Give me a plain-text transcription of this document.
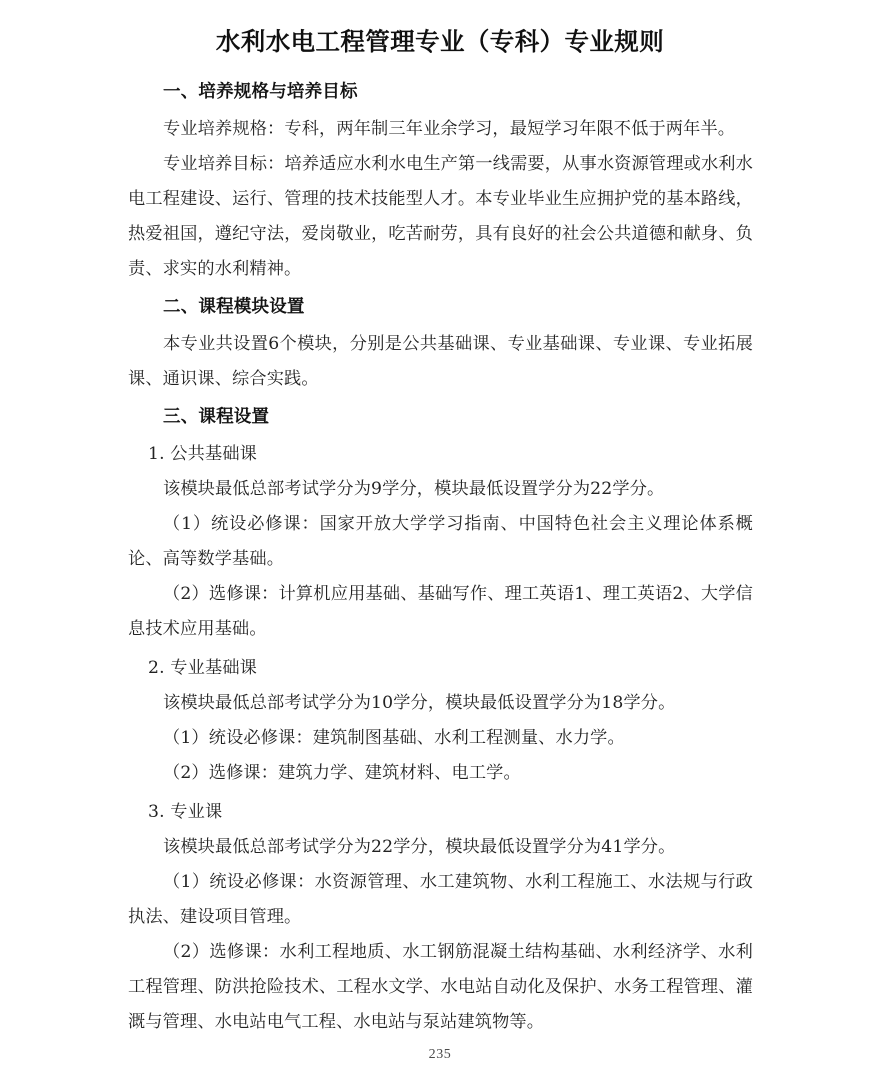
水利水电工程管理专业（专科）专业规则
一、培养规格与培养目标

专业培养规格：专科，两年制三年业余学习，最短学习年限不低于两年半。

专业培养目标：培养适应水利水电生产第一线需要，从事水资源管理或水利水电工程建设、运行、管理的技术技能型人才。本专业毕业生应拥护党的基本路线，热爱祖国，遵纪守法，爱岗敬业，吃苦耐劳，具有良好的社会公共道德和献身、负责、求实的水利精神。

二、课程模块设置

本专业共设置6个模块，分别是公共基础课、专业基础课、专业课、专业拓展课、通识课、综合实践。

三、课程设置

1. 公共基础课

该模块最低总部考试学分为9学分，模块最低设置学分为22学分。

（1）统设必修课：国家开放大学学习指南、中国特色社会主义理论体系概论、高等数学基础。

（2）选修课：计算机应用基础、基础写作、理工英语1、理工英语2、大学信息技术应用基础。

2. 专业基础课

该模块最低总部考试学分为10学分，模块最低设置学分为18学分。

（1）统设必修课：建筑制图基础、水利工程测量、水力学。

（2）选修课：建筑力学、建筑材料、电工学。

3. 专业课

该模块最低总部考试学分为22学分，模块最低设置学分为41学分。

（1）统设必修课：水资源管理、水工建筑物、水利工程施工、水法规与行政执法、建设项目管理。

（2）选修课：水利工程地质、水工钢筋混凝土结构基础、水利经济学、水利工程管理、防洪抢险技术、工程水文学、水电站自动化及保护、水务工程管理、灌溉与管理、水电站电气工程、水电站与泵站建筑物等。

235
